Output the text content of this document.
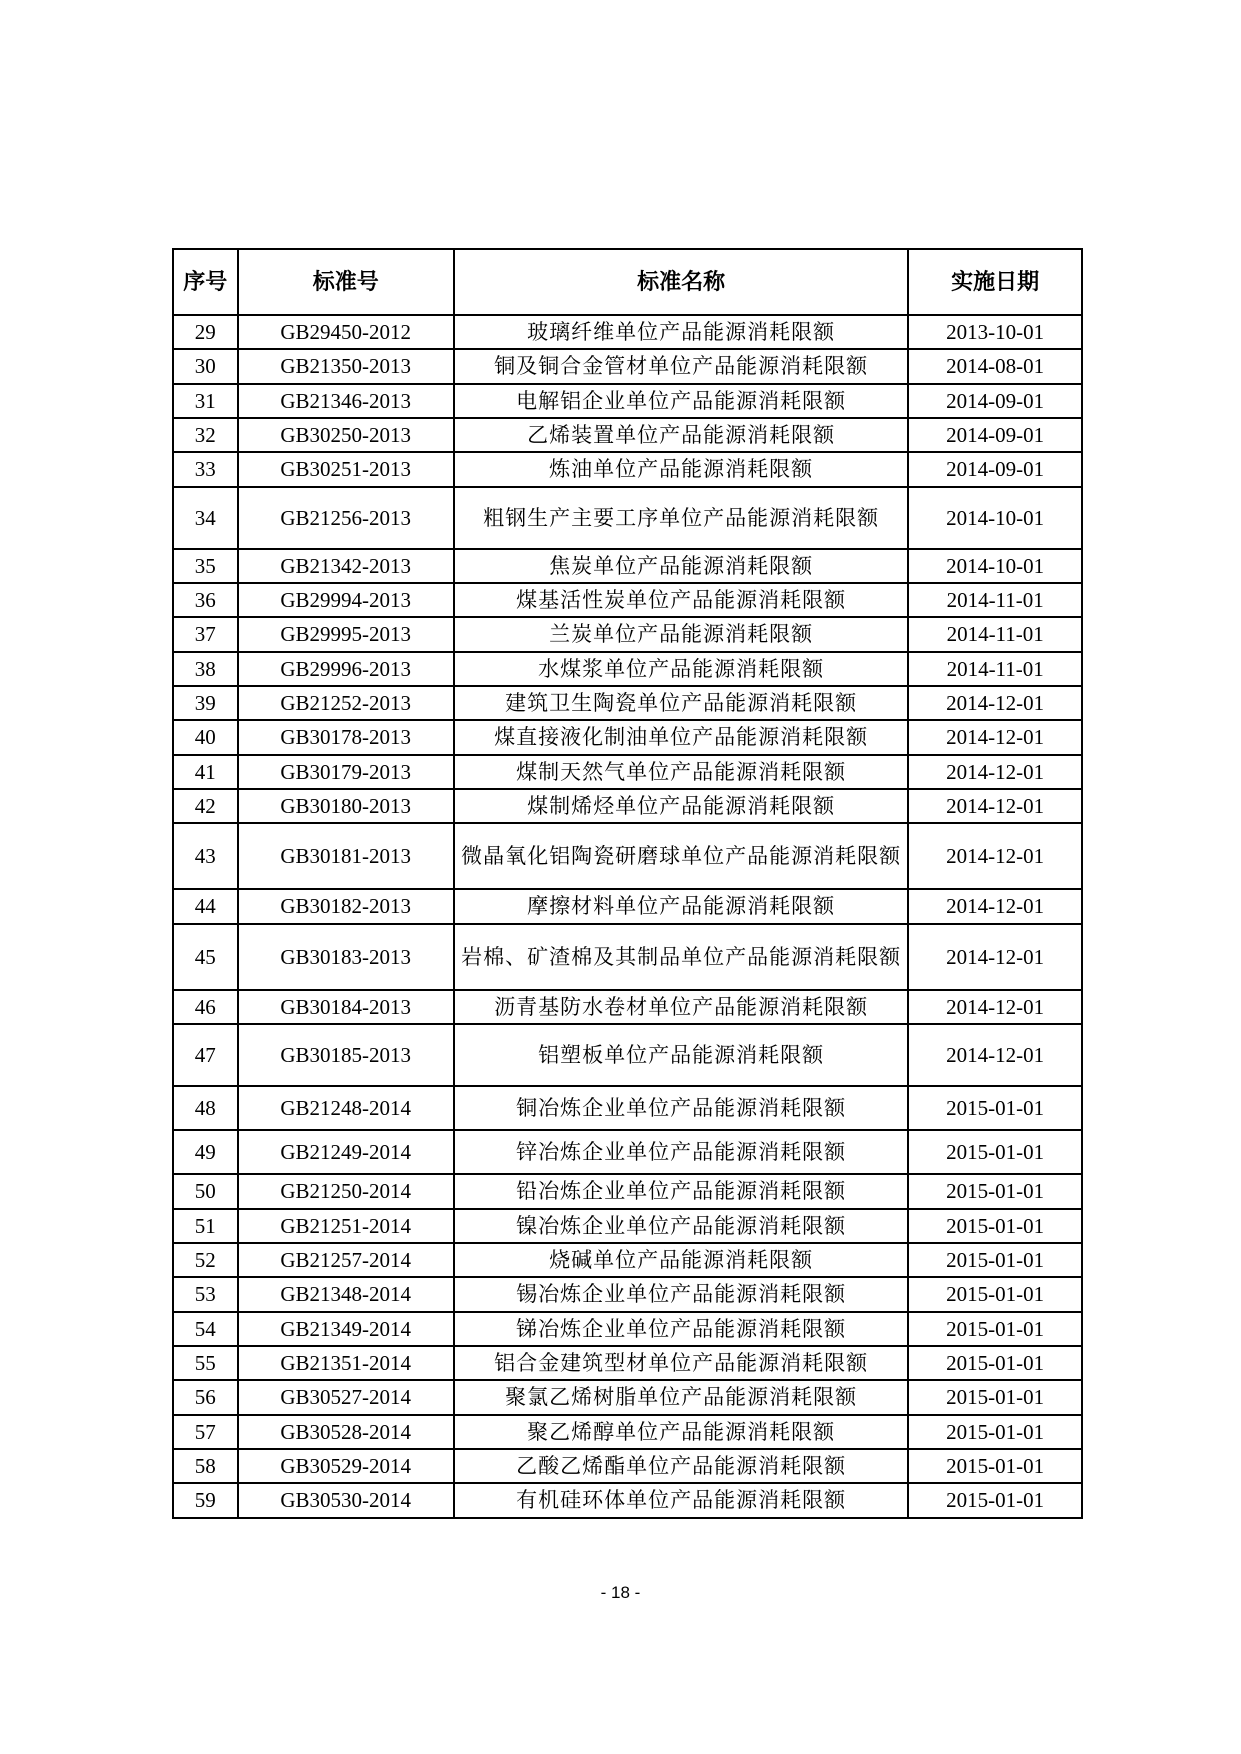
序号	标准号	标准名称	实施日期
29	GB29450-2012	玻璃纤维单位产品能源消耗限额	2013-10-01
30	GB21350-2013	铜及铜合金管材单位产品能源消耗限额	2014-08-01
31	GB21346-2013	电解铝企业单位产品能源消耗限额	2014-09-01
32	GB30250-2013	乙烯装置单位产品能源消耗限额	2014-09-01
33	GB30251-2013	炼油单位产品能源消耗限额	2014-09-01
34	GB21256-2013	粗钢生产主要工序单位产品能源消耗限额	2014-10-01
35	GB21342-2013	焦炭单位产品能源消耗限额	2014-10-01
36	GB29994-2013	煤基活性炭单位产品能源消耗限额	2014-11-01
37	GB29995-2013	兰炭单位产品能源消耗限额	2014-11-01
38	GB29996-2013	水煤浆单位产品能源消耗限额	2014-11-01
39	GB21252-2013	建筑卫生陶瓷单位产品能源消耗限额	2014-12-01
40	GB30178-2013	煤直接液化制油单位产品能源消耗限额	2014-12-01
41	GB30179-2013	煤制天然气单位产品能源消耗限额	2014-12-01
42	GB30180-2013	煤制烯烃单位产品能源消耗限额	2014-12-01
43	GB30181-2013	微晶氧化铝陶瓷研磨球单位产品能源消耗限额	2014-12-01
44	GB30182-2013	摩擦材料单位产品能源消耗限额	2014-12-01
45	GB30183-2013	岩棉、矿渣棉及其制品单位产品能源消耗限额	2014-12-01
46	GB30184-2013	沥青基防水卷材单位产品能源消耗限额	2014-12-01
47	GB30185-2013	铝塑板单位产品能源消耗限额	2014-12-01
48	GB21248-2014	铜冶炼企业单位产品能源消耗限额	2015-01-01
49	GB21249-2014	锌冶炼企业单位产品能源消耗限额	2015-01-01
50	GB21250-2014	铅冶炼企业单位产品能源消耗限额	2015-01-01
51	GB21251-2014	镍冶炼企业单位产品能源消耗限额	2015-01-01
52	GB21257-2014	烧碱单位产品能源消耗限额	2015-01-01
53	GB21348-2014	锡冶炼企业单位产品能源消耗限额	2015-01-01
54	GB21349-2014	锑冶炼企业单位产品能源消耗限额	2015-01-01
55	GB21351-2014	铝合金建筑型材单位产品能源消耗限额	2015-01-01
56	GB30527-2014	聚氯乙烯树脂单位产品能源消耗限额	2015-01-01
57	GB30528-2014	聚乙烯醇单位产品能源消耗限额	2015-01-01
58	GB30529-2014	乙酸乙烯酯单位产品能源消耗限额	2015-01-01
59	GB30530-2014	有机硅环体单位产品能源消耗限额	2015-01-01
- 18 -
